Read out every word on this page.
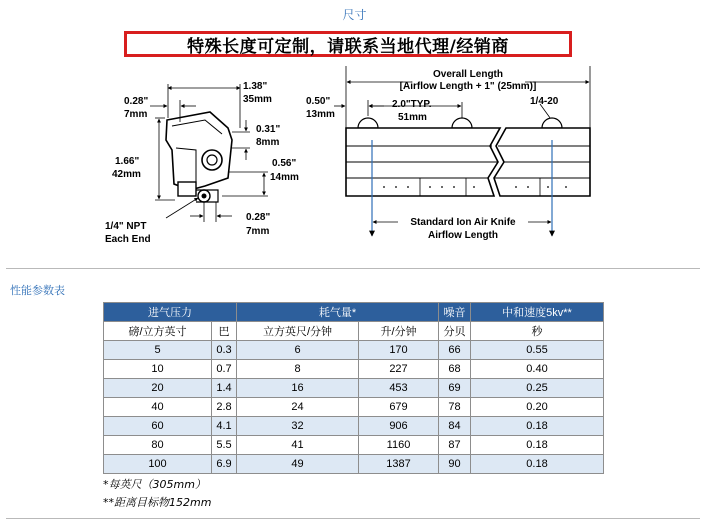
尺寸
特殊长度可定制，请联系当地代理/经销商
0.28"
7mm
1.38"
35mm
0.31"
8mm
1.66"
42mm
0.56"
14mm
0.28"
7mm
1/4" NPT
Each End
0.50"
13mm
Overall Length
[Airflow Length + 1" (25mm)]
1/4-20
2.0"TYP.
51mm
Standard Ion Air Knife
Airflow Length
性能参数表
进气压力		耗气量*		噪音	中和速度5kv**
磅/立方英寸	巴	立方英尺/分钟	升/分钟	分贝	秒
5	0.3	6	170	66	0.55
10	0.7	8	227	68	0.40
20	1.4	16	453	69	0.25
40	2.8	24	679	78	0.20
60	4.1	32	906	84	0.18
80	5.5	41	1160	87	0.18
100	6.9	49	1387	90	0.18
*每英尺（305mm）
**距离目标物152mm
